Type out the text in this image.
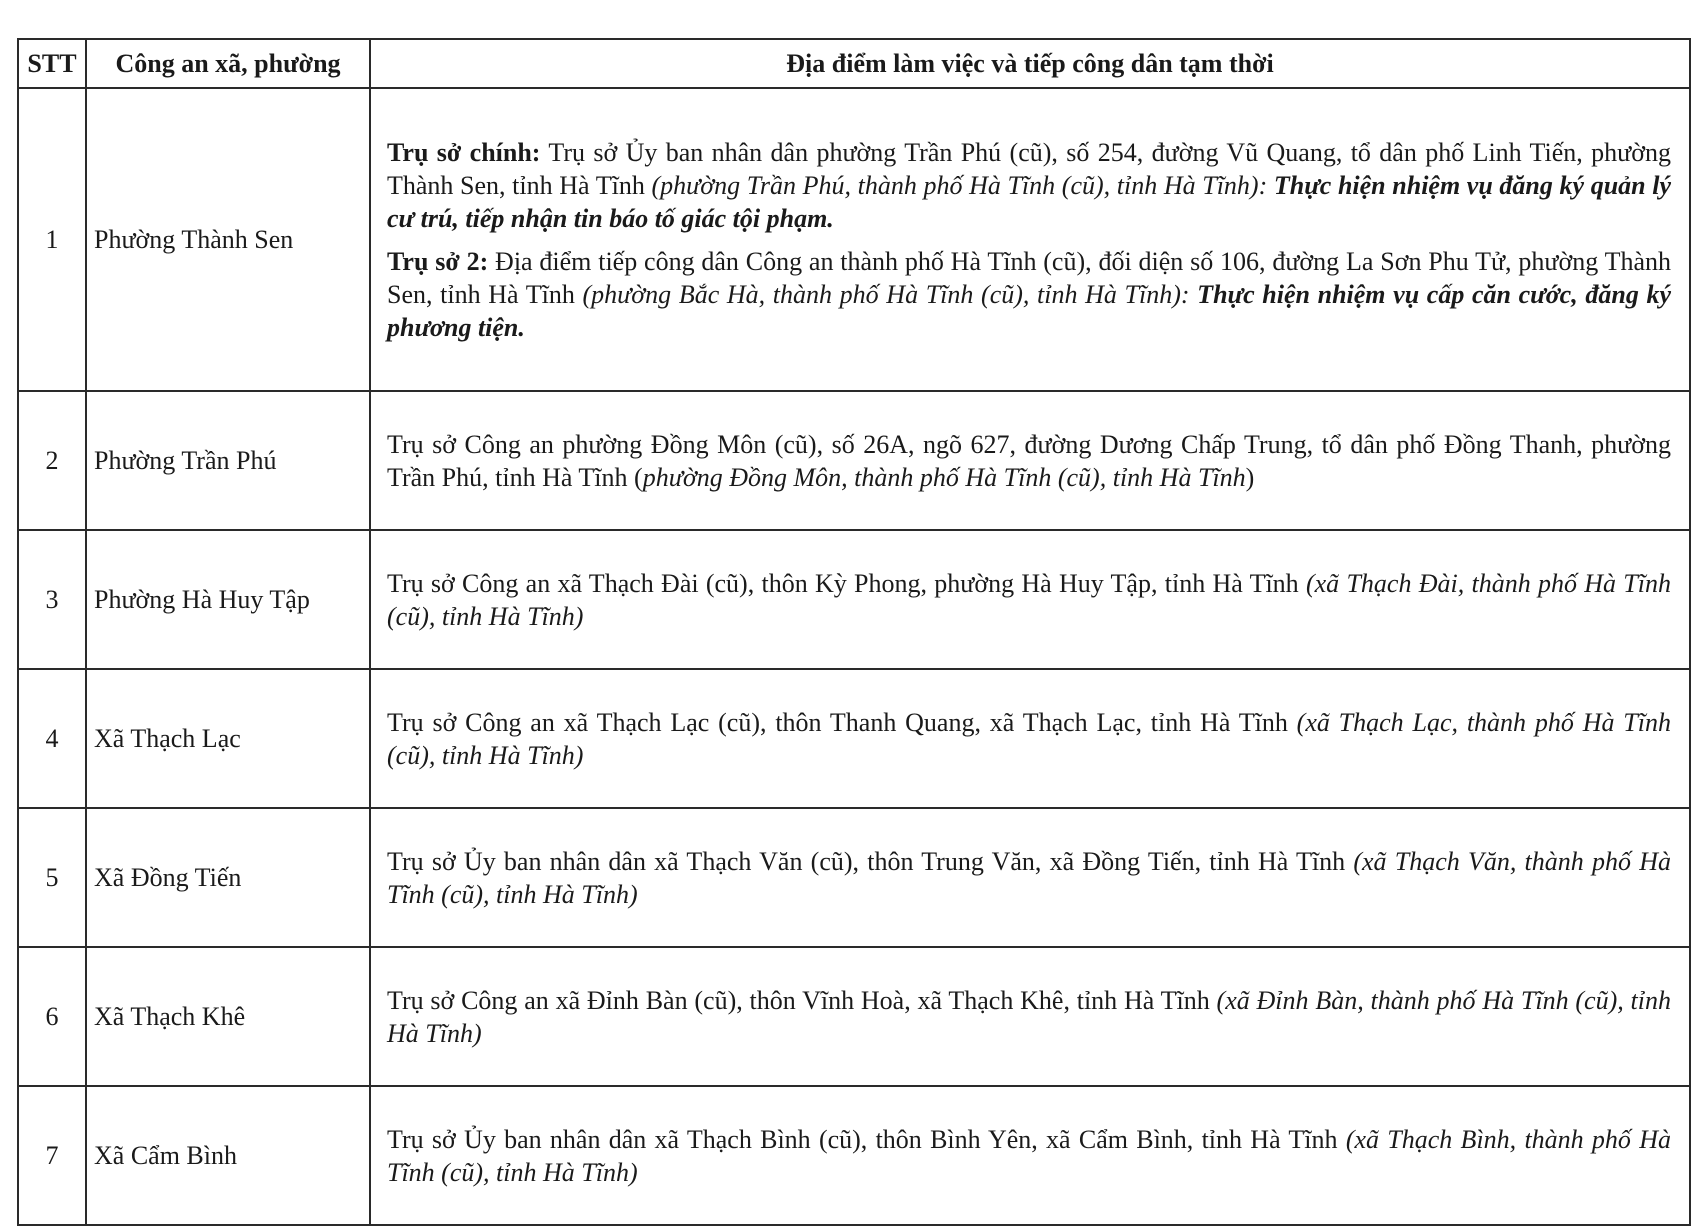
STT	Công an xã, phường	Địa điểm làm việc và tiếp công dân tạm thời
1	Phường Thành Sen	Trụ sở chính: Trụ sở Ủy ban nhân dân phường Trần Phú (cũ), số 254, đường Vũ Quang, tổ dân phố Linh Tiến, phường Thành Sen, tỉnh Hà Tĩnh (phường Trần Phú, thành phố Hà Tĩnh (cũ), tỉnh Hà Tĩnh): Thực hiện nhiệm vụ đăng ký quản lý cư trú, tiếp nhận tin báo tố giác tội phạm.
Trụ sở 2: Địa điểm tiếp công dân Công an thành phố Hà Tĩnh (cũ), đối diện số 106, đường La Sơn Phu Tử, phường Thành Sen, tỉnh Hà Tĩnh (phường Bắc Hà, thành phố Hà Tĩnh (cũ), tỉnh Hà Tĩnh): Thực hiện nhiệm vụ cấp căn cước, đăng ký phương tiện.

2	Phường Trần Phú	Trụ sở Công an phường Đồng Môn (cũ), số 26A, ngõ 627, đường Dương Chấp Trung, tổ dân phố Đồng Thanh, phường Trần Phú, tỉnh Hà Tĩnh (phường Đồng Môn, thành phố Hà Tĩnh (cũ), tỉnh Hà Tĩnh)
3	Phường Hà Huy Tập	Trụ sở Công an xã Thạch Đài (cũ), thôn Kỳ Phong, phường Hà Huy Tập, tỉnh Hà Tĩnh (xã Thạch Đài, thành phố Hà Tĩnh (cũ), tỉnh Hà Tĩnh)
4	Xã Thạch Lạc	Trụ sở Công an xã Thạch Lạc (cũ), thôn Thanh Quang, xã Thạch Lạc, tỉnh Hà Tĩnh (xã Thạch Lạc, thành phố Hà Tĩnh (cũ), tỉnh Hà Tĩnh)
5	Xã Đồng Tiến	Trụ sở Ủy ban nhân dân xã Thạch Văn (cũ), thôn Trung Văn, xã Đồng Tiến, tỉnh Hà Tĩnh (xã Thạch Văn, thành phố Hà Tĩnh (cũ), tỉnh Hà Tĩnh)
6	Xã Thạch Khê	Trụ sở Công an xã Đỉnh Bàn (cũ), thôn Vĩnh Hoà, xã Thạch Khê, tỉnh Hà Tĩnh (xã Đỉnh Bàn, thành phố Hà Tĩnh (cũ), tỉnh Hà Tĩnh)
7	Xã Cẩm Bình	Trụ sở Ủy ban nhân dân xã Thạch Bình (cũ), thôn Bình Yên, xã Cẩm Bình, tỉnh Hà Tĩnh (xã Thạch Bình, thành phố Hà Tĩnh (cũ), tỉnh Hà Tĩnh)
